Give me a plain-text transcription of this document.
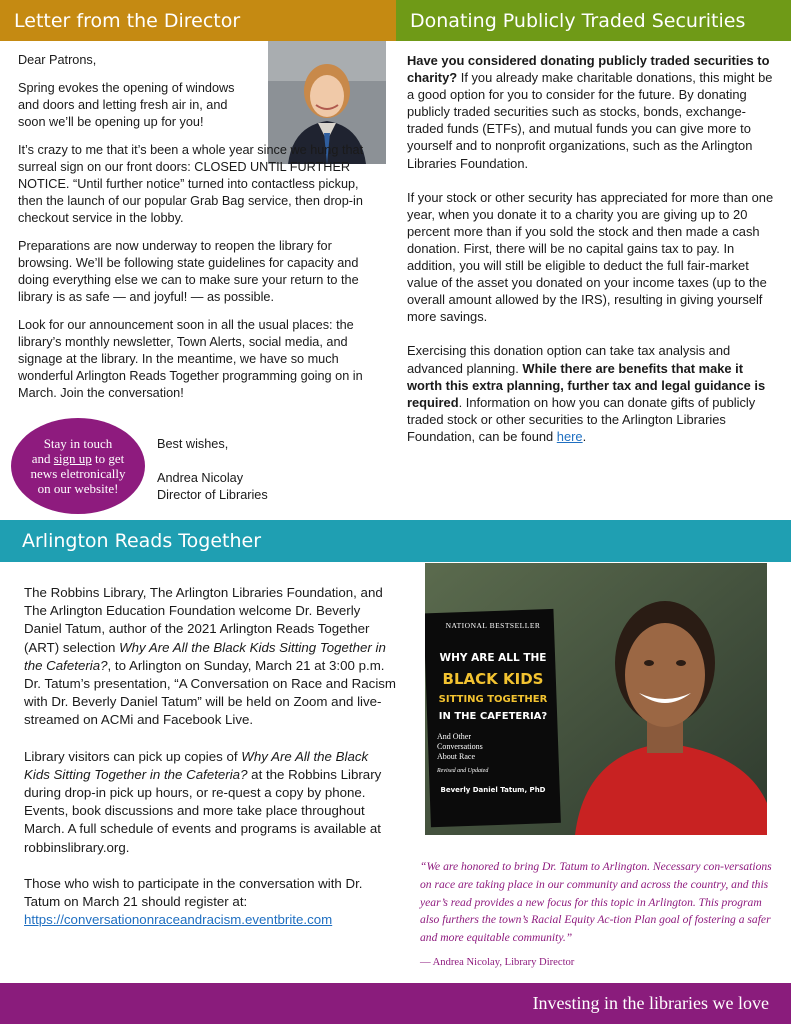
Letter from the Director	Donating Publicly Traded Securities

Dear Patrons,

Spring evokes the opening of windows and doors and letting fresh air in, and soon we’ll be opening up for you!

It’s crazy to me that it’s been a whole year since we hung that surreal sign on our front doors: CLOSED UNTIL FURTHER NOTICE. “Until further notice” turned into contactless pickup, then the launch of our popular Grab Bag service, then drop-in checkout service in the lobby.

Preparations are now underway to reopen the library for browsing. We’ll be following state guidelines for capacity and doing everything else we can to make sure your return to the library is as safe — and joyful! — as possible.

Look for our announcement soon in all the usual places: the library’s monthly newsletter, Town Alerts, social media, and signage at the library. In the meantime, we have so much wonderful Arlington Reads Together programming going on in March. Join the conversation!

Stay in touch
and sign up to get
news eletronically
on our website!
Best wishes,
Andrea Nicolay
Director of Libraries

Have you considered donating publicly traded securities to charity? If you already make charitable donations, this might be a good option for you to consider for the future. By donating publicly traded securities such as stocks, bonds, exchange-traded funds (ETFs), and mutual funds you can give more to yourself and to nonprofit organizations, such as the Arlington Libraries Foundation.

If your stock or other security has appreciated for more than one year, when you donate it to a charity you are giving up to 20 percent more than if you sold the stock and then made a cash donation. First, there will be no capital gains tax to pay. In addition, you will still be eligible to deduct the full fair-market value of the asset you donated on your income taxes (up to the overall amount allowed by the IRS), resulting in giving yourself more savings.

Exercising this donation option can take tax analysis and advanced planning. While there are benefits that make it worth this extra planning, further tax and legal guidance is required. Information on how you can donate gifts of publicly traded stock or other securities to the Arlington Libraries Foundation, can be found here.

Arlington Reads Together

The Robbins Library, The Arlington Libraries Foundation, and The Arlington Education Foundation welcome Dr. Beverly Daniel Tatum, author of the 2021 Arlington Reads Together (ART) selection Why Are All the Black Kids Sitting Together in the Cafeteria?, to Arlington on Sunday, March 21 at 3:00 p.m. Dr. Tatum’s presentation, “A Conversation on Race and Racism with Dr. Beverly Daniel Tatum” will be held on Zoom and live-streamed on ACMi and Facebook Live.

Library visitors can pick up copies of Why Are All the Black Kids Sitting Together in the Cafeteria? at the Robbins Library during drop-in pick up hours, or re-quest a copy by phone. Events, book discussions and more take place throughout March. A full schedule of events and programs is available at robbinslibrary.org.

Those who wish to participate in the conversation with Dr. Tatum on March 21 should register at:
https://conversationonraceandracism.eventbrite.com

NATIONAL BESTSELLER
WHY ARE ALL THE
BLACK KIDS
SITTING TOGETHER
IN THE CAFETERIA?
And Other
Conversations
About Race
Revised and Updated
Beverly Daniel Tatum, PhD
“We are honored to bring Dr. Tatum to Arlington. Necessary con-versations on race are taking place in our community and across the country, and this year’s read provides a new focus for this topic in Arlington. This program also furthers the town’s Racial Equity Ac-tion Plan goal of fostering a safer and more equitable community.”
— Andrea Nicolay, Library Director
Investing in the libraries we love
